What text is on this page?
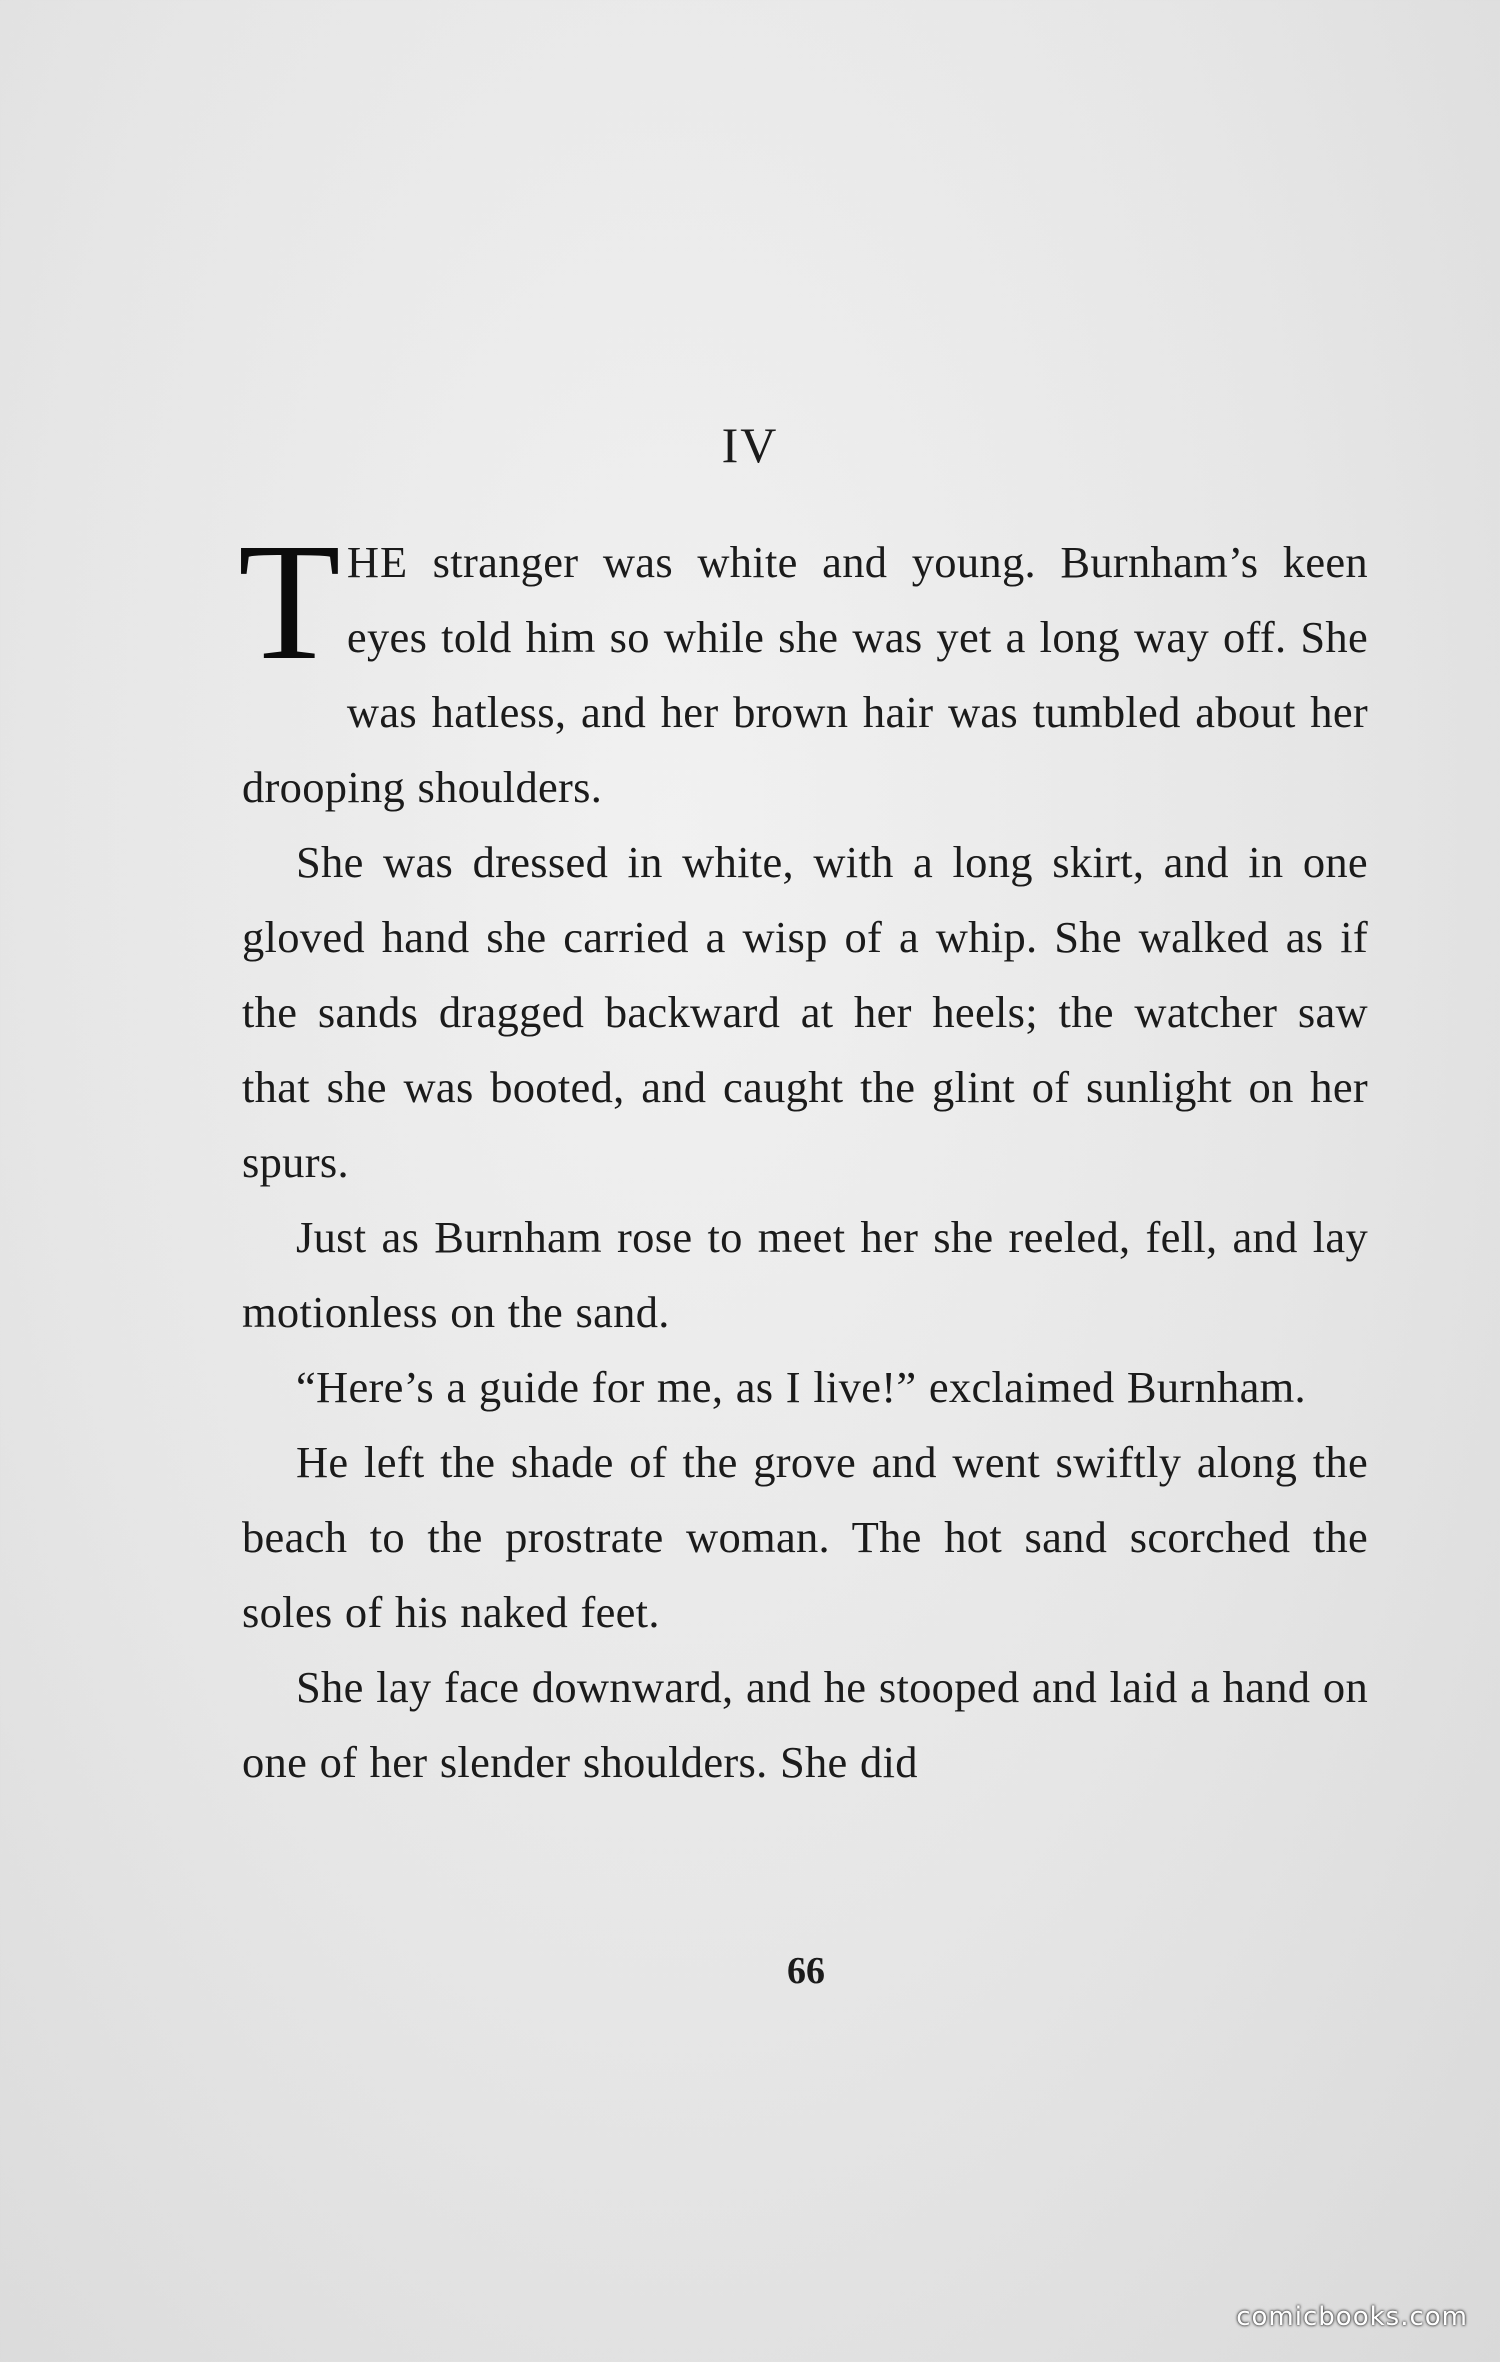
IV

THE stranger was white and young. Burnham’s keen eyes told him so while she was yet a long way off. She was hatless, and her brown hair was tumbled about her drooping shoulders.

She was dressed in white, with a long skirt, and in one gloved hand she carried a wisp of a whip. She walked as if the sands dragged backward at her heels; the watcher saw that she was booted, and caught the glint of sunlight on her spurs.

Just as Burnham rose to meet her she reeled, fell, and lay motionless on the sand.

“Here’s a guide for me, as I live!” exclaimed Burnham.

He left the shade of the grove and went swiftly along the beach to the prostrate woman. The hot sand scorched the soles of his naked feet.

She lay face downward, and he stooped and laid a hand on one of her slender shoulders. She did

66
comicbooks.com
